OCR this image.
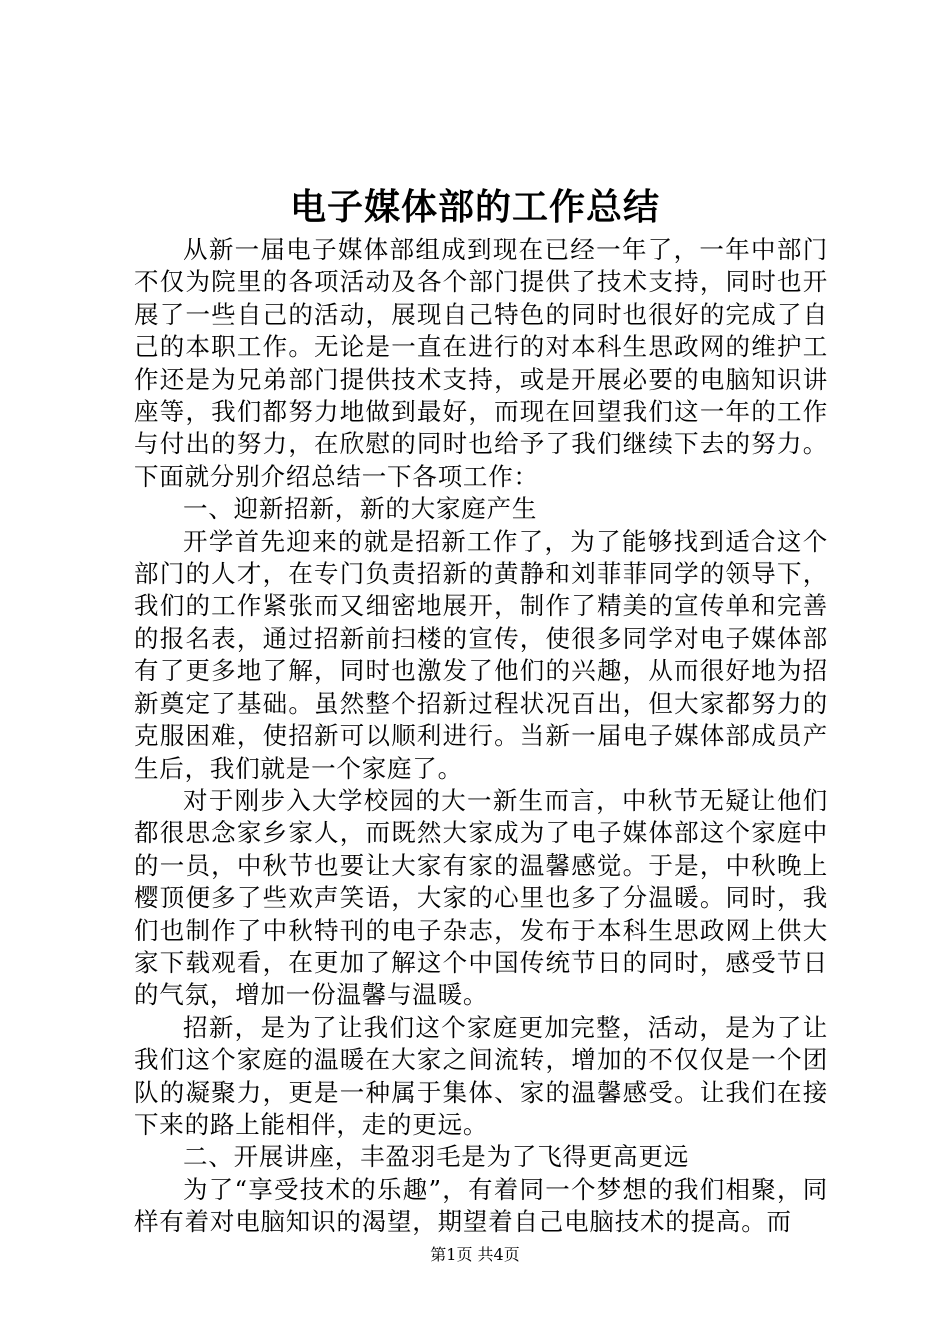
电子媒体部的工作总结

从新一届电子媒体部组成到现在已经一年了，一年中部门不仅为院里的各项活动及各个部门提供了技术支持，同时也开展了一些自己的活动，展现自己特色的同时也很好的完成了自己的本职工作。无论是一直在进行的对本科生思政网的维护工作还是为兄弟部门提供技术支持，或是开展必要的电脑知识讲座等，我们都努力地做到最好，而现在回望我们这一年的工作与付出的努力，在欣慰的同时也给予了我们继续下去的努力。下面就分别介绍总结一下各项工作：

一、迎新招新，新的大家庭产生

开学首先迎来的就是招新工作了，为了能够找到适合这个部门的人才，在专门负责招新的黄静和刘菲菲同学的领导下，我们的工作紧张而又细密地展开，制作了精美的宣传单和完善的报名表，通过招新前扫楼的宣传，使很多同学对电子媒体部有了更多地了解，同时也激发了他们的兴趣，从而很好地为招新奠定了基础。虽然整个招新过程状况百出，但大家都努力的克服困难，使招新可以顺利进行。当新一届电子媒体部成员产生后，我们就是一个家庭了。

对于刚步入大学校园的大一新生而言，中秋节无疑让他们都很思念家乡家人，而既然大家成为了电子媒体部这个家庭中的一员，中秋节也要让大家有家的温馨感觉。于是，中秋晚上樱顶便多了些欢声笑语，大家的心里也多了分温暖。同时，我们也制作了中秋特刊的电子杂志，发布于本科生思政网上供大家下载观看，在更加了解这个中国传统节日的同时，感受节日的气氛，增加一份温馨与温暖。

招新，是为了让我们这个家庭更加完整，活动，是为了让我们这个家庭的温暖在大家之间流转，增加的不仅仅是一个团队的凝聚力，更是一种属于集体、家的温馨感受。让我们在接下来的路上能相伴，走的更远。

二、开展讲座，丰盈羽毛是为了飞得更高更远

为了“享受技术的乐趣”，有着同一个梦想的我们相聚，同样有着对电脑知识的渴望，期望着自己电脑技术的提高。而

第1页 共4页
